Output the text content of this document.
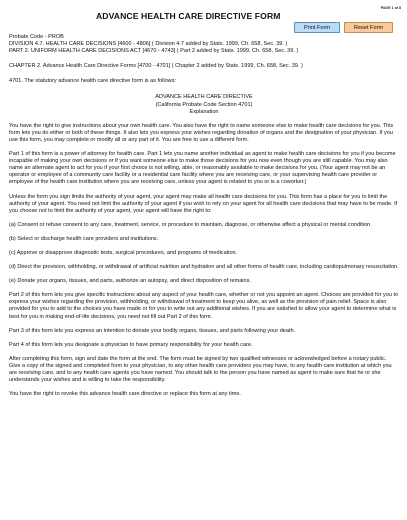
PAGE 1 of 8
ADVANCE HEALTH CARE DIRECTIVE FORM
Print Form	Reset Form

Probate Code - PROB

DIVISION 4.7. HEALTH CARE DECISIONS [4600 - 4806] ( Division 4.7 added by Stats. 1999, Ch. 658, Sec. 39. )

PART 2. UNIFORM HEALTH CARE DECISIONS ACT [4670 - 4743] ( Part 2 added by Stats. 1999, Ch. 658, Sec. 39. )

CHAPTER 2. Advance Health Care Directive Forms [4700 - 4701] ( Chapter 2 added by Stats. 1999, Ch. 658, Sec. 39. )

4701. The statutory advance health care directive form is as follows:

ADVANCE HEALTH CARE DIRECTIVE

(California Probate Code Section 4701)

Explanation

You have the right to give instructions about your own health care. You also have the right to name someone else to make health care decisions for you. This form lets you do either or both of these things. It also lets you express your wishes regarding donation of organs and the designation of your physician. If you use this form, you may complete or modify all or any part of it. You are free to use a different form.

Part 1 of this form is a power of attorney for health care. Part 1 lets you name another individual as agent to make health care decisions for you if you become incapable of making your own decisions or if you want someone else to make those decisions for you now even though you are still capable. You may also name an alternate agent to act for you if your first choice is not willing, able, or reasonably available to make decisions for you. (Your agent may not be an operator or employee of a community care facility or a residential care facility where you are receiving care, or your supervising health care provider or employee of the health care institution where you are receiving care, unless your agent is related to you or is a coworker.)

Unless the form you sign limits the authority of your agent, your agent may make all health care decisions for you. This form has a place for you to limit the authority of your agent. You need not limit the authority of your agent if you wish to rely on your agent for all health care decisions that may have to be made. If you choose not to limit the authority of your agent, your agent will have the right to:

(a) Consent or refuse consent to any care, treatment, service, or procedure to maintain, diagnose, or otherwise affect a physical or mental condition.

(b) Select or discharge health care providers and institutions.

(c) Approve or disapprove diagnostic tests, surgical procedures, and programs of medication.

(d) Direct the provision, withholding, or withdrawal of artificial nutrition and hydration and all other forms of health care, including cardiopulmonary resuscitation.

(e) Donate your organs, tissues, and parts, authorize an autopsy, and direct disposition of remains.

Part 2 of this form lets you give specific instructions about any aspect of your health care, whether or not you appoint an agent. Choices are provided for you to express your wishes regarding the provision, withholding, or withdrawal of treatment to keep you alive, as well as the provision of pain relief. Space is also provided for you to add to the choices you have made or for you to write out any additional wishes. If you are satisfied to allow your agent to determine what is best for you in making end-of-life decisions, you need not fill out Part 2 of this form.

Part 3 of this form lets you express an intention to donate your bodily organs, tissues, and parts following your death.

Part 4 of this form lets you designate a physician to have primary responsibility for your health care.

After completing this form, sign and date the form at the end. The form must be signed by two qualified witnesses or acknowledged before a notary public. Give a copy of the signed and completed form to your physician, to any other health care providers you may have, to any health care institution at which you are receiving care, and to any health care agents you have named. You should talk to the person you have named as agent to make sure that he or she understands your wishes and is willing to take the responsibility.

You have the right to revoke this advance health care directive or replace this form at any time.
